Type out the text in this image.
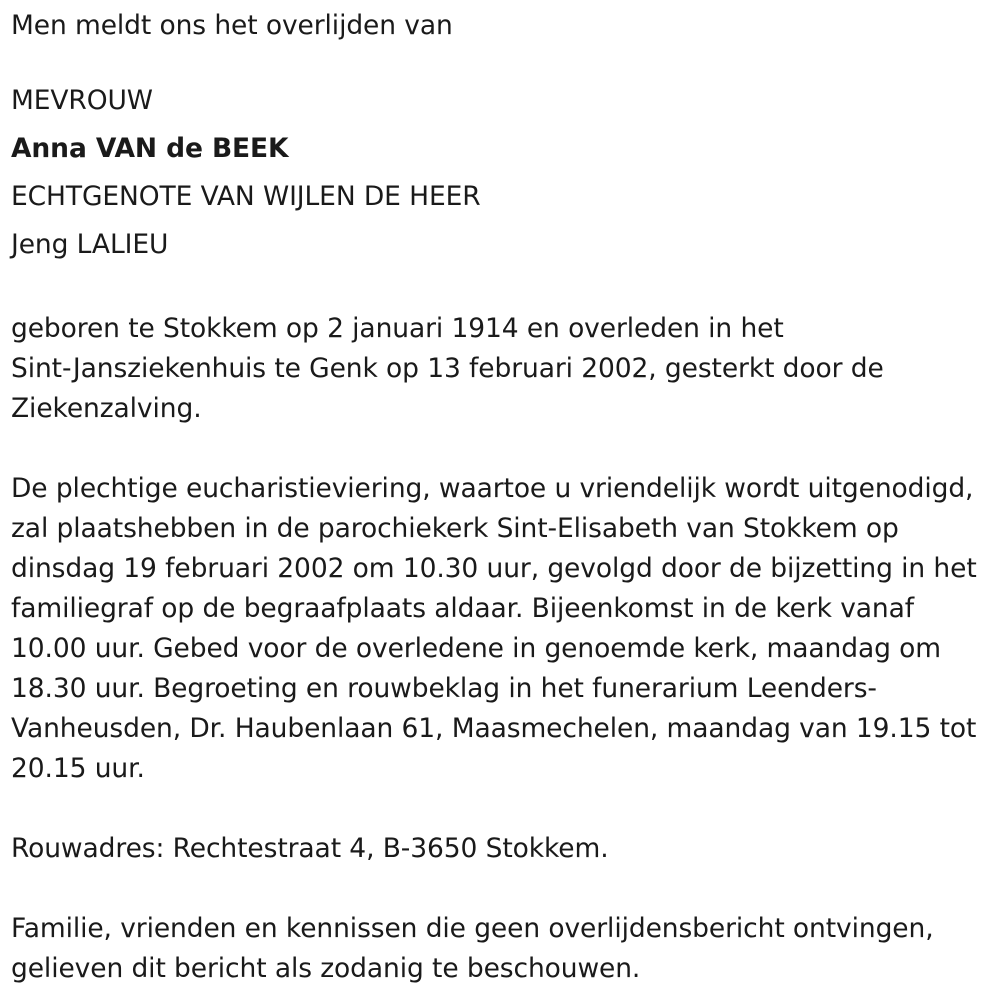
Men meldt ons het overlijden van

MEVROUW

Anna VAN de BEEK

ECHTGENOTE VAN WIJLEN DE HEER

Jeng LALIEU

geboren te Stokkem op 2 januari 1914 en overleden in het

Sint-Jansziekenhuis te Genk op 13 februari 2002, gesterkt door de

Ziekenzalving.

De plechtige eucharistieviering, waartoe u vriendelijk wordt uitgenodigd,

zal plaatshebben in de parochiekerk Sint-Elisabeth van Stokkem op

dinsdag 19 februari 2002 om 10.30 uur, gevolgd door de bijzetting in het

familiegraf op de begraafplaats aldaar. Bijeenkomst in de kerk vanaf

10.00 uur. Gebed voor de overledene in genoemde kerk, maandag om

18.30 uur. Begroeting en rouwbeklag in het funerarium Leenders-

Vanheusden, Dr. Haubenlaan 61, Maasmechelen, maandag van 19.15 tot

20.15 uur.

Rouwadres: Rechtestraat 4, B-3650 Stokkem.

Familie, vrienden en kennissen die geen overlijdensbericht ontvingen,

gelieven dit bericht als zodanig te beschouwen.
